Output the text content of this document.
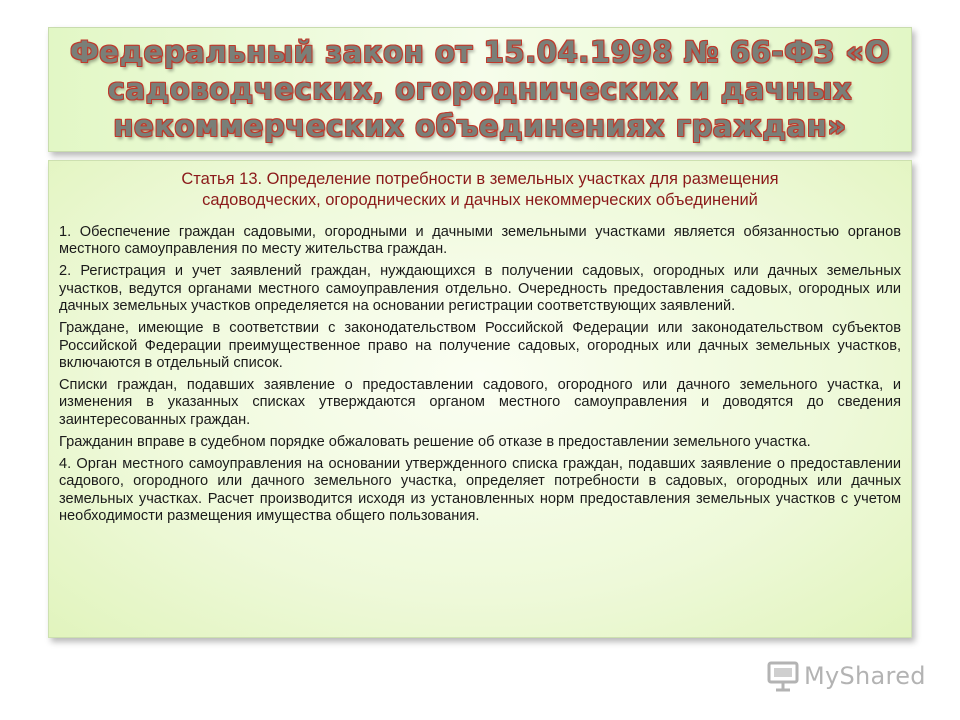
Федеральный закон от 15.04.1998 № 66-ФЗ «О
садоводческих, огороднических и дачных
некоммерческих объединениях граждан»
Статья 13. Определение потребности в земельных участках для размещения
садоводческих, огороднических и дачных некоммерческих объединений

1. Обеспечение граждан садовыми, огородными и дачными земельными участками является обязанностью органов местного самоуправления по месту жительства граждан.

2. Регистрация и учет заявлений граждан, нуждающихся в получении садовых, огородных или дачных земельных участков, ведутся органами местного самоуправления отдельно. Очередность предоставления садовых, огородных или дачных земельных участков определяется на основании регистрации соответствующих заявлений.

Граждане, имеющие в соответствии с законодательством Российской Федерации или законодательством субъектов Российской Федерации преимущественное право на получение садовых, огородных или дачных земельных участков, включаются в отдельный список.

Списки граждан, подавших заявление о предоставлении садового, огородного или дачного земельного участка, и изменения в указанных списках утверждаются органом местного самоуправления и доводятся до сведения заинтересованных граждан.

Гражданин вправе в судебном порядке обжаловать решение об отказе в предоставлении земельного участка.

4. Орган местного самоуправления на основании утвержденного списка граждан, подавших заявление о предоставлении садового, огородного или дачного земельного участка, определяет потребности в садовых, огородных или дачных земельных участках. Расчет производится исходя из установленных норм предоставления земельных участков с учетом необходимости размещения имущества общего пользования.

MyShared
